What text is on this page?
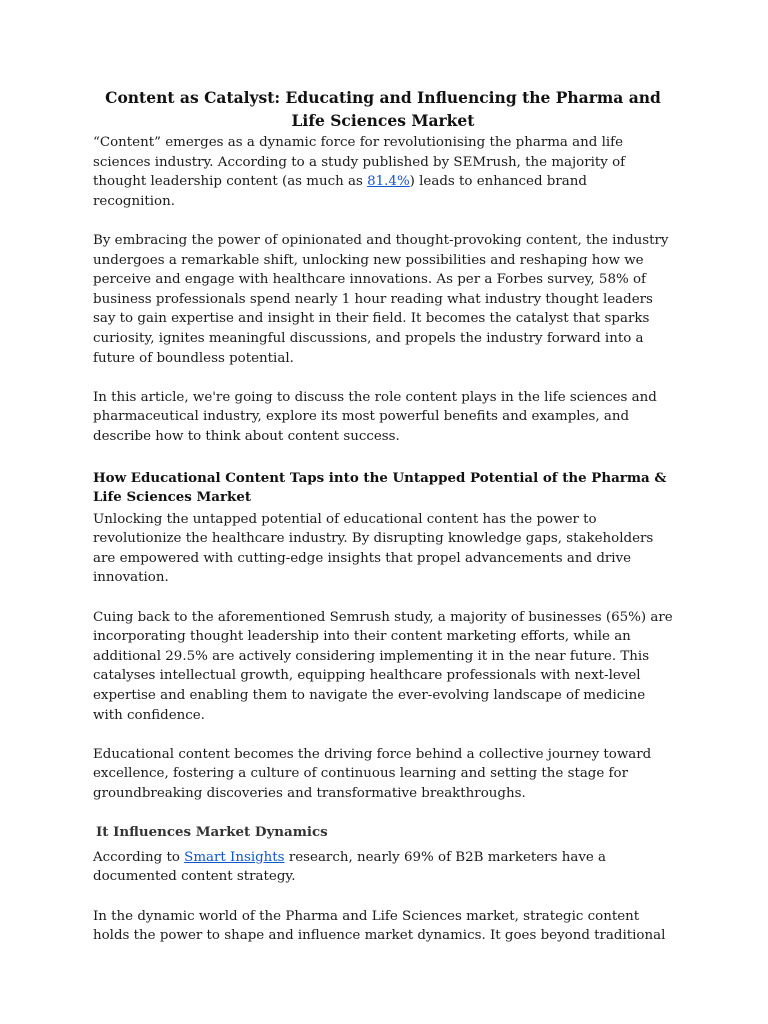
Content as Catalyst: Educating and Influencing the Pharma and Life Sciences Market

“Content” emerges as a dynamic force for revolutionising the pharma and life sciences industry. According to a study published by SEMrush, the majority of thought leadership content (as much as 81.4%) leads to enhanced brand recognition.

By embracing the power of opinionated and thought-provoking content, the industry undergoes a remarkable shift, unlocking new possibilities and reshaping how we perceive and engage with healthcare innovations. As per a Forbes survey, 58% of business professionals spend nearly 1 hour reading what industry thought leaders say to gain expertise and insight in their field. It becomes the catalyst that sparks curiosity, ignites meaningful discussions, and propels the industry forward into a future of boundless potential.

In this article, we're going to discuss the role content plays in the life sciences and pharmaceutical industry, explore its most powerful benefits and examples, and describe how to think about content success.

How Educational Content Taps into the Untapped Potential of the Pharma & Life Sciences Market

Unlocking the untapped potential of educational content has the power to revolutionize the healthcare industry. By disrupting knowledge gaps, stakeholders are empowered with cutting-edge insights that propel advancements and drive innovation.

Cuing back to the aforementioned Semrush study, a majority of businesses (65%) are incorporating thought leadership into their content marketing efforts, while an additional 29.5% are actively considering implementing it in the near future. This catalyses intellectual growth, equipping healthcare professionals with next-level expertise and enabling them to navigate the ever-evolving landscape of medicine with confidence.

Educational content becomes the driving force behind a collective journey toward excellence, fostering a culture of continuous learning and setting the stage for groundbreaking discoveries and transformative breakthroughs.

It Influences Market Dynamics

According to Smart Insights research, nearly 69% of B2B marketers have a documented content strategy.

In the dynamic world of the Pharma and Life Sciences market, strategic content holds the power to shape and influence market dynamics. It goes beyond traditional
